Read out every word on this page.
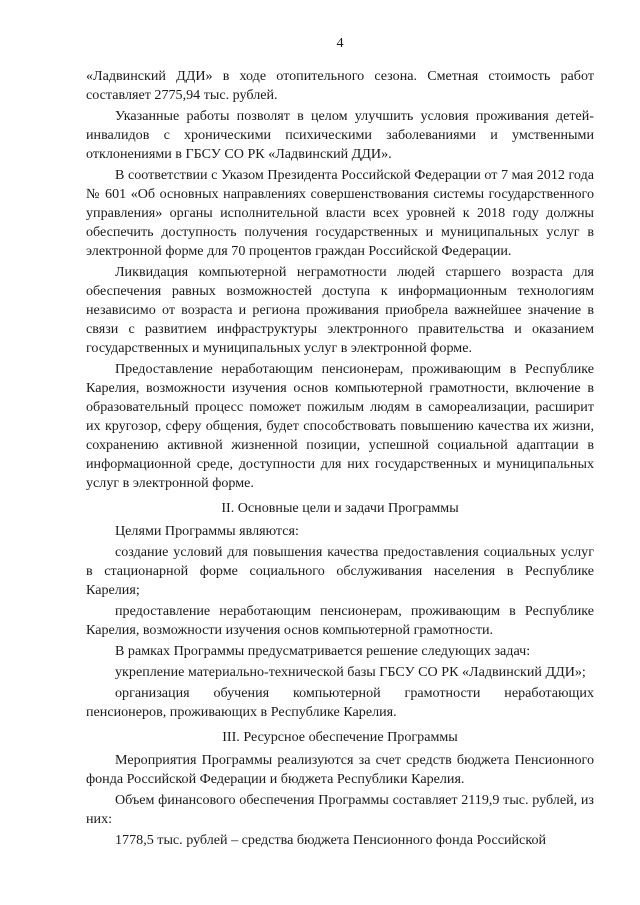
4

«Ладвинский ДДИ» в ходе отопительного сезона. Сметная стоимость работ составляет 2775,94 тыс. рублей.

Указанные работы позволят в целом улучшить условия проживания детей-инвалидов с хроническими психическими заболеваниями и умственными отклонениями в ГБСУ СО РК «Ладвинский ДДИ».

В соответствии с Указом Президента Российской Федерации от 7 мая 2012 года № 601 «Об основных направлениях совершенствования системы государственного управления» органы исполнительной власти всех уровней к 2018 году должны обеспечить доступность получения государственных и муниципальных услуг в электронной форме для 70 процентов граждан Российской Федерации.

Ликвидация компьютерной неграмотности людей старшего возраста для обеспечения равных возможностей доступа к информационным технологиям независимо от возраста и региона проживания приобрела важнейшее значение в связи с развитием инфраструктуры электронного правительства и оказанием государственных и муниципальных услуг в электронной форме.

Предоставление неработающим пенсионерам, проживающим в Республике Карелия, возможности изучения основ компьютерной грамотности, включение в образовательный процесс поможет пожилым людям в самореализации, расширит их кругозор, сферу общения, будет способствовать повышению качества их жизни, сохранению активной жизненной позиции, успешной социальной адаптации в информационной среде, доступности для них государственных и муниципальных услуг в электронной форме.

II. Основные цели и задачи Программы

Целями Программы являются:

создание условий для повышения качества предоставления социальных услуг в стационарной форме социального обслуживания населения в Республике Карелия;

предоставление неработающим пенсионерам, проживающим в Республике Карелия, возможности изучения основ компьютерной грамотности.

В рамках Программы предусматривается решение следующих задач:

укрепление материально-технической базы ГБСУ СО РК «Ладвинский ДДИ»;

организация обучения компьютерной грамотности неработающих пенсионеров, проживающих в Республике Карелия.

III. Ресурсное обеспечение Программы

Мероприятия Программы реализуются за счет средств бюджета Пенсионного фонда Российской Федерации и бюджета Республики Карелия.

Объем финансового обеспечения Программы составляет 2119,9 тыс. рублей, из них:

1778,5 тыс. рублей – средства бюджета Пенсионного фонда Российской
